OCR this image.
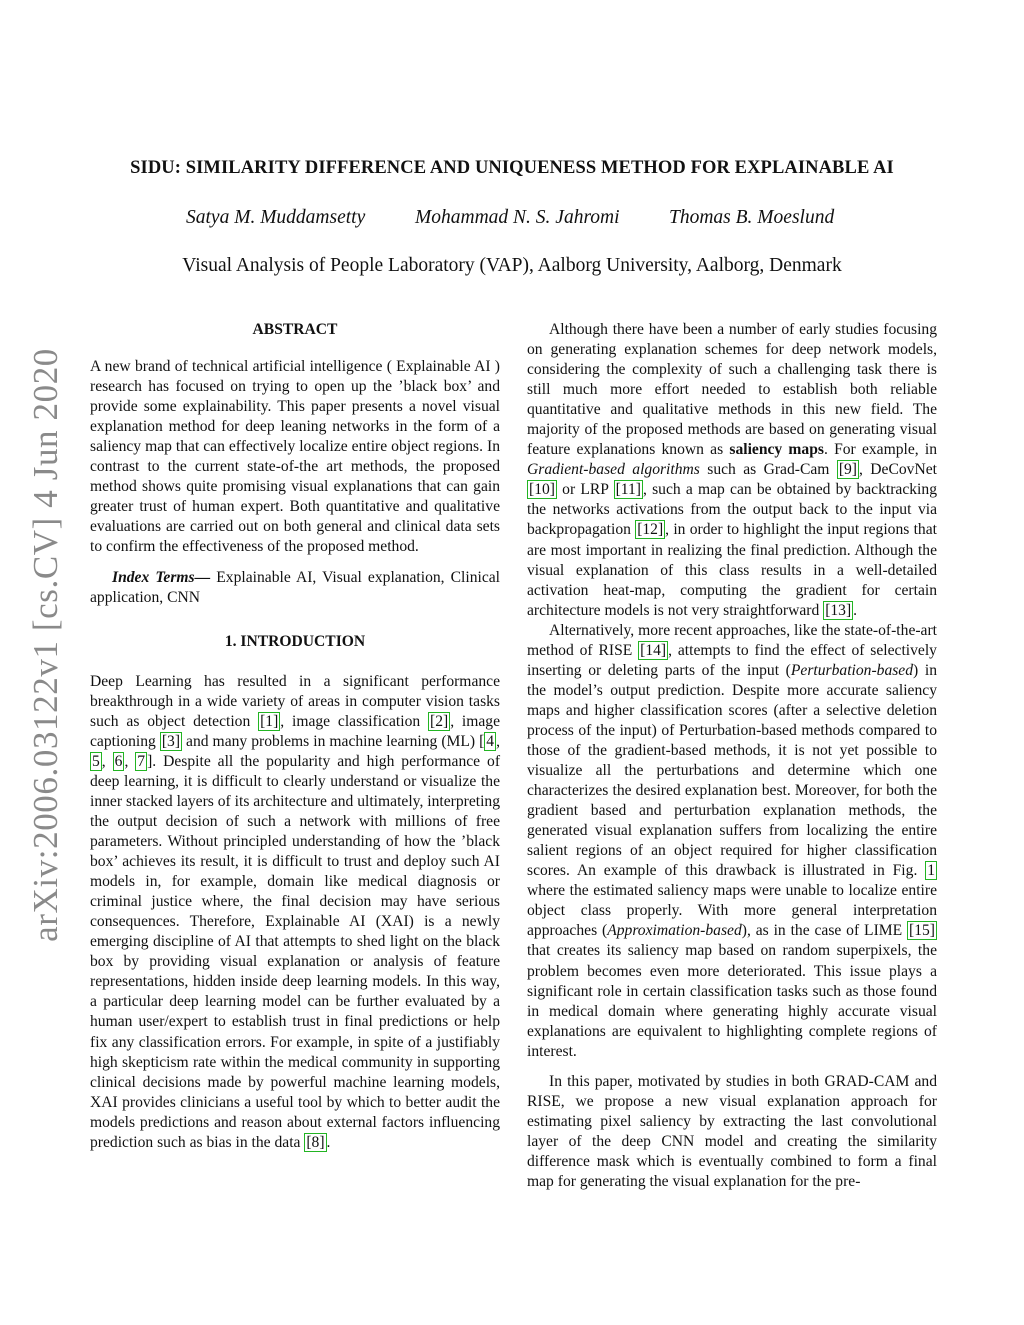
arXiv:2006.03122v1 [cs.CV] 4 Jun 2020
SIDU: SIMILARITY DIFFERENCE AND UNIQUENESS METHOD FOR EXPLAINABLE AI
Satya M. Muddamsetty	Mohammad N. S. Jahromi	Thomas B. Moeslund
Visual Analysis of People Laboratory (VAP), Aalborg University, Aalborg, Denmark
ABSTRACT

A new brand of technical artificial intelligence ( Explainable AI ) research has focused on trying to open up the ’black box’ and provide some explainability. This paper presents a novel visual explanation method for deep leaning networks in the form of a saliency map that can effectively localize entire object regions. In contrast to the current state-of-the art methods, the proposed method shows quite promising visual explanations that can gain greater trust of human expert. Both quantitative and qualitative evaluations are carried out on both general and clinical data sets to confirm the effectiveness of the proposed method.

Index Terms— Explainable AI, Visual explanation, Clinical application, CNN

1. INTRODUCTION

Deep Learning has resulted in a significant performance breakthrough in a wide variety of areas in computer vision tasks such as object detection [1] , image classification [2] , image captioning [3] and many problems in machine learning (ML) [ 4 , 5 , 6 , 7 ]. Despite all the popularity and high performance of deep learning, it is difficult to clearly understand or visualize the inner stacked layers of its architecture and ultimately, interpreting the output decision of such a network with millions of free parameters. Without principled understanding of how the ’black box’ achieves its result, it is difficult to trust and deploy such AI models in, for example, domain like medical diagnosis or criminal justice where, the final decision may have serious consequences. Therefore, Explainable AI (XAI) is a newly emerging discipline of AI that attempts to shed light on the black box by providing visual explanation or analysis of feature representations, hidden inside deep learning models. In this way, a particular deep learning model can be further evaluated by a human user/expert to establish trust in final predictions or help fix any classification errors. For example, in spite of a justifiably high skepticism rate within the medical community in supporting clinical decisions made by powerful machine learning models, XAI provides clinicians a useful tool by which to better audit the models predictions and reason about external factors influencing prediction such as bias in the data [8] .

Although there have been a number of early studies focusing on generating explanation schemes for deep network models, considering the complexity of such a challenging task there is still much more effort needed to establish both reliable quantitative and qualitative methods in this new field. The majority of the proposed methods are based on generating visual feature explanations known as saliency maps. For example, in Gradient-based algorithms such as Grad-Cam [9] , DeCovNet [10] or LRP [11] , such a map can be obtained by backtracking the networks activations from the output back to the input via backpropagation [12] , in order to highlight the input regions that are most important in realizing the final prediction. Although the visual explanation of this class results in a well-detailed activation heat-map, computing the gradient for certain architecture models is not very straightforward [13] .

Alternatively, more recent approaches, like the state-of-the-art method of RISE [14] , attempts to find the effect of selectively inserting or deleting parts of the input (Perturbation-based) in the model’s output prediction. Despite more accurate saliency maps and higher classification scores (after a selective deletion process of the input) of Perturbation-based methods compared to those of the gradient-based methods, it is not yet possible to visualize all the perturbations and determine which one characterizes the desired explanation best. Moreover, for both the gradient based and perturbation explanation methods, the generated visual explanation suffers from localizing the entire salient regions of an object required for higher classification scores. An example of this drawback is illustrated in Fig. 1 where the estimated saliency maps were unable to localize entire object class properly. With more general interpretation approaches (Approximation-based), as in the case of LIME [15] that creates its saliency map based on random superpixels, the problem becomes even more deteriorated. This issue plays a significant role in certain classification tasks such as those found in medical domain where generating highly accurate visual explanations are equivalent to highlighting complete regions of interest.

In this paper, motivated by studies in both GRAD-CAM and RISE, we propose a new visual explanation approach for estimating pixel saliency by extracting the last convolutional layer of the deep CNN model and creating the similarity difference mask which is eventually combined to form a final map for generating the visual explanation for the pre-
